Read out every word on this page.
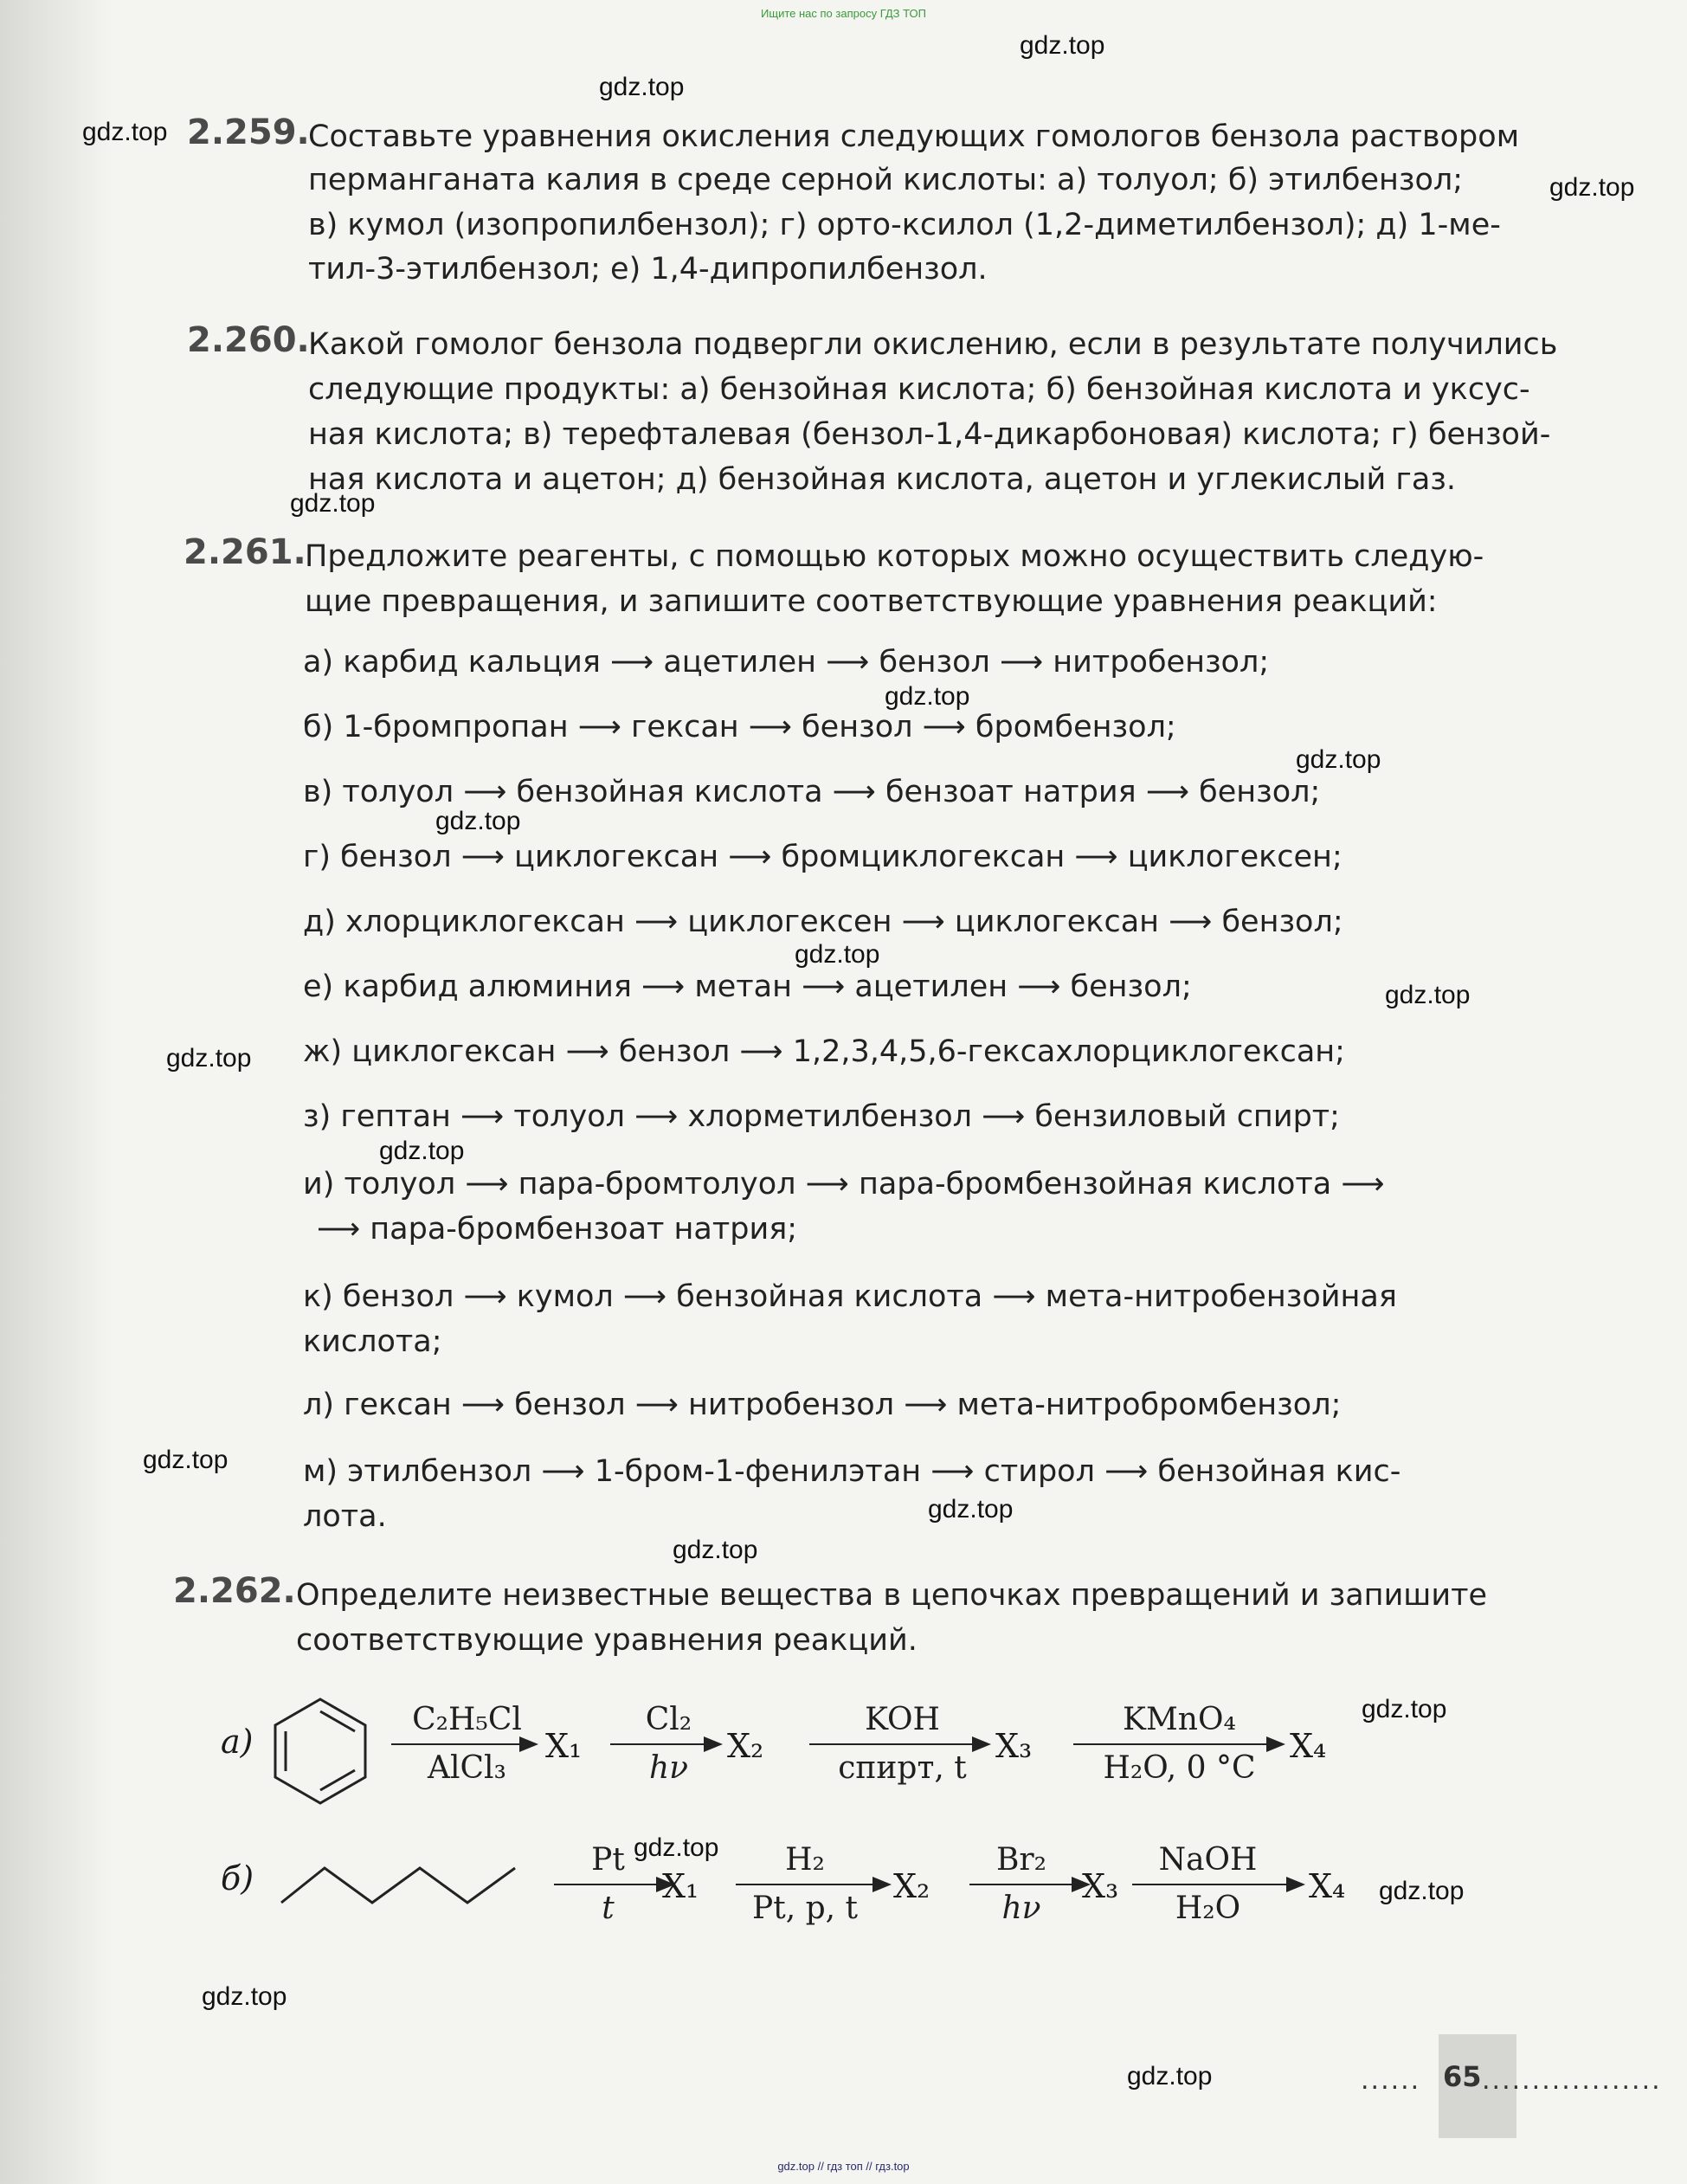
Ищите нас по запросу ГДЗ ТОП
gdz.top
gdz.top
gdz.top
gdz.top
gdz.top
gdz.top
gdz.top
gdz.top
gdz.top
gdz.top
gdz.top
gdz.top
gdz.top
gdz.top
gdz.top
gdz.top
gdz.top
gdz.top
gdz.top
gdz.top
2.259.
Составьте уравнения окисления следующих гомологов бензола раствором
перманганата калия в среде серной кислоты: а) толуол; б) этилбензол;
в) кумол (изопропилбензол); г) орто-ксилол (1,2-диметилбензол); д) 1-ме-
тил-3-этилбензол; е) 1,4-дипропилбензол.
2.260.
Какой гомолог бензола подвергли окислению, если в результате получились
следующие продукты: а) бензойная кислота; б) бензойная кислота и уксус-
ная кислота; в) терефталевая (бензол-1,4-дикарбоновая) кислота; г) бензой-
ная кислота и ацетон; д) бензойная кислота, ацетон и углекислый газ.
2.261.
Предложите реагенты, с помощью которых можно осуществить следую-
щие превращения, и запишите соответствующие уравнения реакций:
а) карбид кальция ⟶ ацетилен ⟶ бензол ⟶ нитробензол;
б) 1-бромпропан ⟶ гексан ⟶ бензол ⟶ бромбензол;
в) толуол ⟶ бензойная кислота ⟶ бензоат натрия ⟶ бензол;
г) бензол ⟶ циклогексан ⟶ бромциклогексан ⟶ циклогексен;
д) хлорциклогексан ⟶ циклогексен ⟶ циклогексан ⟶ бензол;
е) карбид алюминия ⟶ метан ⟶ ацетилен ⟶ бензол;
ж) циклогексан ⟶ бензол ⟶ 1,2,3,4,5,6-гексахлорциклогексан;
з) гептан ⟶ толуол ⟶ хлорметилбензол ⟶ бензиловый спирт;
и) толуол ⟶ пара-бромтолуол ⟶ пара-бромбензойная кислота ⟶
⟶ пара-бромбензоат натрия;
к) бензол ⟶ кумол ⟶ бензойная кислота ⟶ мета-нитробензойная
кислота;
л) гексан ⟶ бензол ⟶ нитробензол ⟶ мета-нитробромбензол;
м) этилбензол ⟶ 1-бром-1-фенилэтан ⟶ стирол ⟶ бензойная кис-
лота.
2.262. Определите неизвестные вещества в цепочках превращений и запишите
соответствующие уравнения реакций.
а)
C₂H₅Cl
AlCl₃
X₁
Cl₂
hν
X₂
KOH
спирт, t
X₃
KMnO₄
H₂O, 0 °C
X₄
б)	Pt
t
X₁
H₂
Pt, p, t
X₂
Br₂
hν
X₃
NaOH
H₂O
X₄
...... 65 ..................
gdz.top // гдз топ // гдз.top
